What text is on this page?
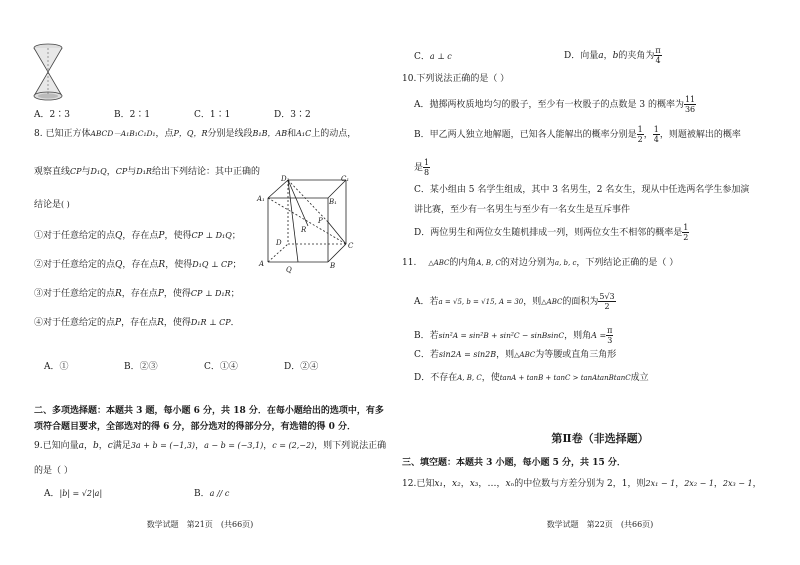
A．2∶3	B．2∶1	C．1∶1	D．3∶2
8. 已知正方体ABCD－A₁B₁C₁D₁，点P，Q，R分别是线段B₁B，AB和A₁C上的动点，
观察直线CP与D₁Q，CP与D₁R给出下列结论：其中正确的
结论是( )
①对于任意给定的点Q，存在点P，使得CP ⊥ D₁Q；
②对于任意给定的点Q，存在点R，使得D₁Q ⊥ CP；
③对于任意给定的点R，存在点P，使得CP ⊥ D₁R；
④对于任意给定的点P，存在点R，使得D₁R ⊥ CP．
D₁	C₁
A₁	B₁
D	C
A	B
P
R
Q
A．①	B．②③	C．①④	D．②④
二、多项选择题：本题共 3 题，每小题 6 分，共 18 分．在每小题给出的选项中，有多
项符合题目要求，全部选对的得 6 分，部分选对的得部分分，有选错的得 0 分．
9.已知向量a，b，c满足3a + b = (−1,3)，a − b = (−3,1)，c = (2,−2)，则下列说法正确
的是（ ）
A．|b| = √2|a|	B．a // c
数学试题　第21页　(共66页)
C．a ⊥ c	D．向量a，b的夹角为 $\frac{\pi}{4}$
10.下列说法正确的是（ ）
A．抛掷两枚质地均匀的骰子，至少有一枚骰子的点数是 3 的概率为 $\frac{11}{36}$
B．甲乙两人独立地解题，已知各人能解出的概率分别是 $\frac{1}{2}$ ， $\frac{1}{4}$ ，则题被解出的概率
是 $\frac{1}{8}$
C．某小组由 5 名学生组成，其中 3 名男生，2 名女生，现从中任选两名学生参加演
讲比赛，至少有一名男生与至少有一名女生是互斥事件
D．两位男生和两位女生随机排成一列，则两位女生不相邻的概率是 $\frac{1}{2}$
11. △ABC的内角A, B, C的对边分别为a, b, c，下列结论正确的是（ ）
A．若a = √5, b = √15, A = 30，则△ABC的面积为 $\frac{5√3}{2}$
B．若sin²A = sin²B + sin²C − sinBsinC，则角$A = \frac{\pi}{3}$
C．若sin2A = sin2B，则△ABC为等腰或直角三角形
D．不存在A, B, C，使tanA + tanB + tanC > tanAtanBtanC成立
第Ⅱ卷（非选择题）
三、填空题：本题共 3 小题，每小题 5 分，共 15 分．
12.已知x₁，x₂，x₃，…，xₙ的中位数与方差分别为 2，1，则2x₁ − 1，2x₂ − 1，2x₃ − 1，
数学试题　第22页　(共66页)
